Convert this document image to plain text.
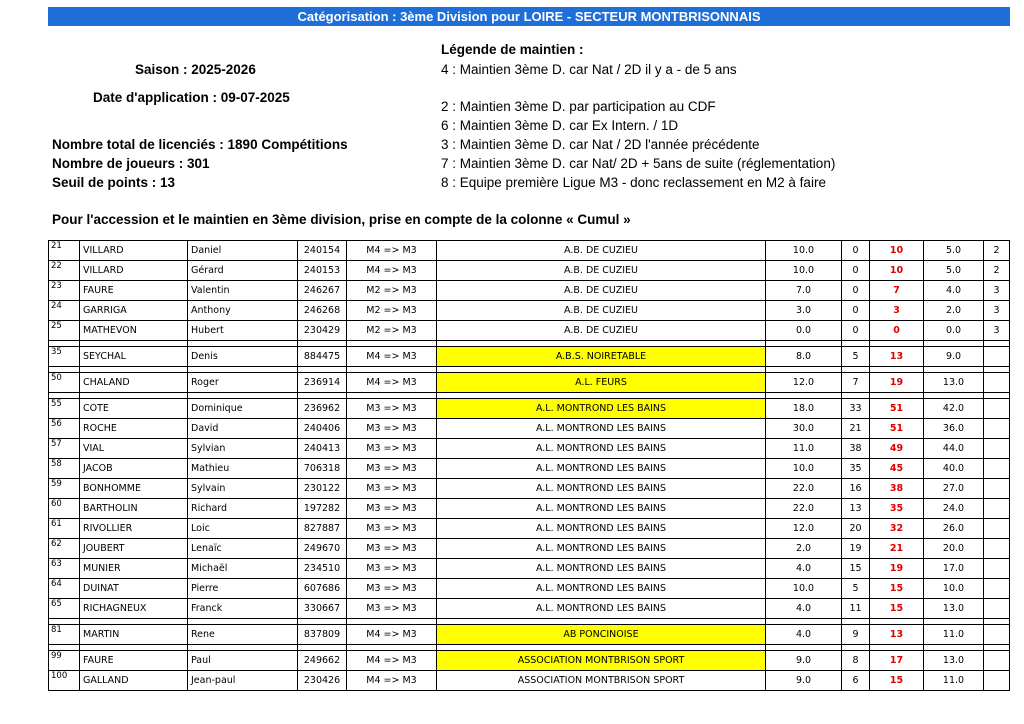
Catégorisation : 3ème Division pour LOIRE - SECTEUR MONTBRISONNAIS
Saison : 2025-2026
Date d'application : 09-07-2025
Nombre total de licenciés : 1890 Compétitions
Nombre de joueurs : 301
Seuil de points : 13
Légende de maintien :
4 : Maintien 3ème D. car Nat / 2D il y a - de 5 ans
2 : Maintien 3ème D. par participation au CDF
6 : Maintien 3ème D. car Ex Intern. / 1D
3 : Maintien 3ème D. car Nat / 2D l'année précédente
7 : Maintien 3ème D. car Nat/ 2D + 5ans de suite (réglementation)
8 : Equipe première Ligue M3 - donc reclassement en M2 à faire
Pour l'accession et le maintien en 3ème division, prise en compte de la colonne « Cumul »
21	VILLARD	Daniel	240154	M4 => M3	A.B. DE CUZIEU	10.0	0	10	5.0	2
22	VILLARD	Gérard	240153	M4 => M3	A.B. DE CUZIEU	10.0	0	10	5.0	2
23	FAURE	Valentin	246267	M2 => M3	A.B. DE CUZIEU	7.0	0	7	4.0	3
24	GARRIGA	Anthony	246268	M2 => M3	A.B. DE CUZIEU	3.0	0	3	2.0	3
25	MATHEVON	Hubert	230429	M2 => M3	A.B. DE CUZIEU	0.0	0	0	0.0	3

35	SEYCHAL	Denis	884475	M4 => M3	A.B.S. NOIRETABLE	8.0	5	13	9.0	

50	CHALAND	Roger	236914	M4 => M3	A.L. FEURS	12.0	7	19	13.0	

55	COTE	Dominique	236962	M3 => M3	A.L. MONTROND LES BAINS	18.0	33	51	42.0	
56	ROCHE	David	240406	M3 => M3	A.L. MONTROND LES BAINS	30.0	21	51	36.0	
57	VIAL	Sylvian	240413	M3 => M3	A.L. MONTROND LES BAINS	11.0	38	49	44.0	
58	JACOB	Mathieu	706318	M3 => M3	A.L. MONTROND LES BAINS	10.0	35	45	40.0	
59	BONHOMME	Sylvain	230122	M3 => M3	A.L. MONTROND LES BAINS	22.0	16	38	27.0	
60	BARTHOLIN	Richard	197282	M3 => M3	A.L. MONTROND LES BAINS	22.0	13	35	24.0	
61	RIVOLLIER	Loic	827887	M3 => M3	A.L. MONTROND LES BAINS	12.0	20	32	26.0	
62	JOUBERT	Lenaïc	249670	M3 => M3	A.L. MONTROND LES BAINS	2.0	19	21	20.0	
63	MUNIER	Michaël	234510	M3 => M3	A.L. MONTROND LES BAINS	4.0	15	19	17.0	
64	DUINAT	Pierre	607686	M3 => M3	A.L. MONTROND LES BAINS	10.0	5	15	10.0	
65	RICHAGNEUX	Franck	330667	M3 => M3	A.L. MONTROND LES BAINS	4.0	11	15	13.0	

81	MARTIN	Rene	837809	M4 => M3	AB PONCINOISE	4.0	9	13	11.0	

99	FAURE	Paul	249662	M4 => M3	ASSOCIATION MONTBRISON SPORT	9.0	8	17	13.0	
100	GALLAND	Jean-paul	230426	M4 => M3	ASSOCIATION MONTBRISON SPORT	9.0	6	15	11.0	
